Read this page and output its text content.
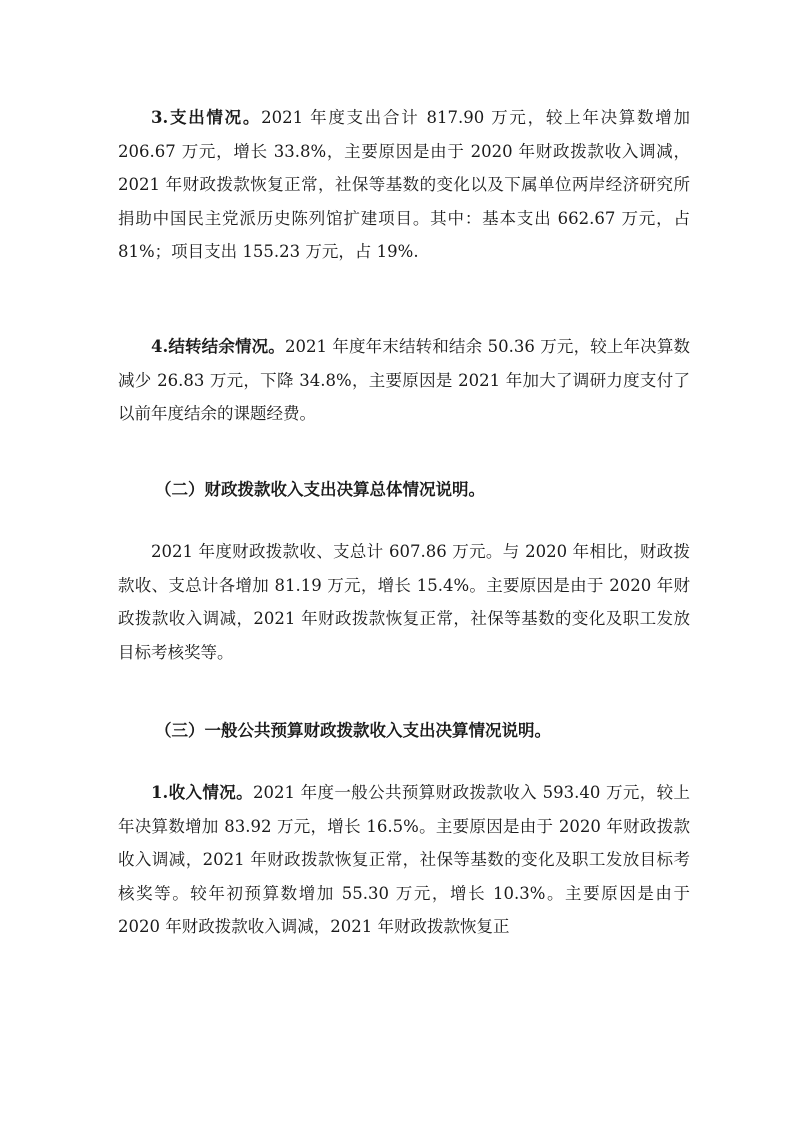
3.支出情况。2021 年度支出合计 817.90 万元，较上年决算数增加 206.67 万元，增长 33.8%，主要原因是由于 2020 年财政拨款收入调减，2021 年财政拨款恢复正常，社保等基数的变化以及下属单位两岸经济研究所捐助中国民主党派历史陈列馆扩建项目。其中：基本支出 662.67 万元，占 81%；项目支出 155.23 万元，占 19%.

4.结转结余情况。2021 年度年末结转和结余 50.36 万元，较上年决算数减少 26.83 万元，下降 34.8%，主要原因是 2021 年加大了调研力度支付了以前年度结余的课题经费。

（二）财政拨款收入支出决算总体情况说明。

2021 年度财政拨款收、支总计 607.86 万元。与 2020 年相比，财政拨款收、支总计各增加 81.19 万元，增长 15.4%。主要原因是由于 2020 年财政拨款收入调减，2021 年财政拨款恢复正常，社保等基数的变化及职工发放目标考核奖等。

（三）一般公共预算财政拨款收入支出决算情况说明。

1.收入情况。2021 年度一般公共预算财政拨款收入 593.40 万元，较上年决算数增加 83.92 万元，增长 16.5%。主要原因是由于 2020 年财政拨款收入调减，2021 年财政拨款恢复正常，社保等基数的变化及职工发放目标考核奖等。较年初预算数增加 55.30 万元，增长 10.3%。主要原因是由于 2020 年财政拨款收入调减，2021 年财政拨款恢复正
